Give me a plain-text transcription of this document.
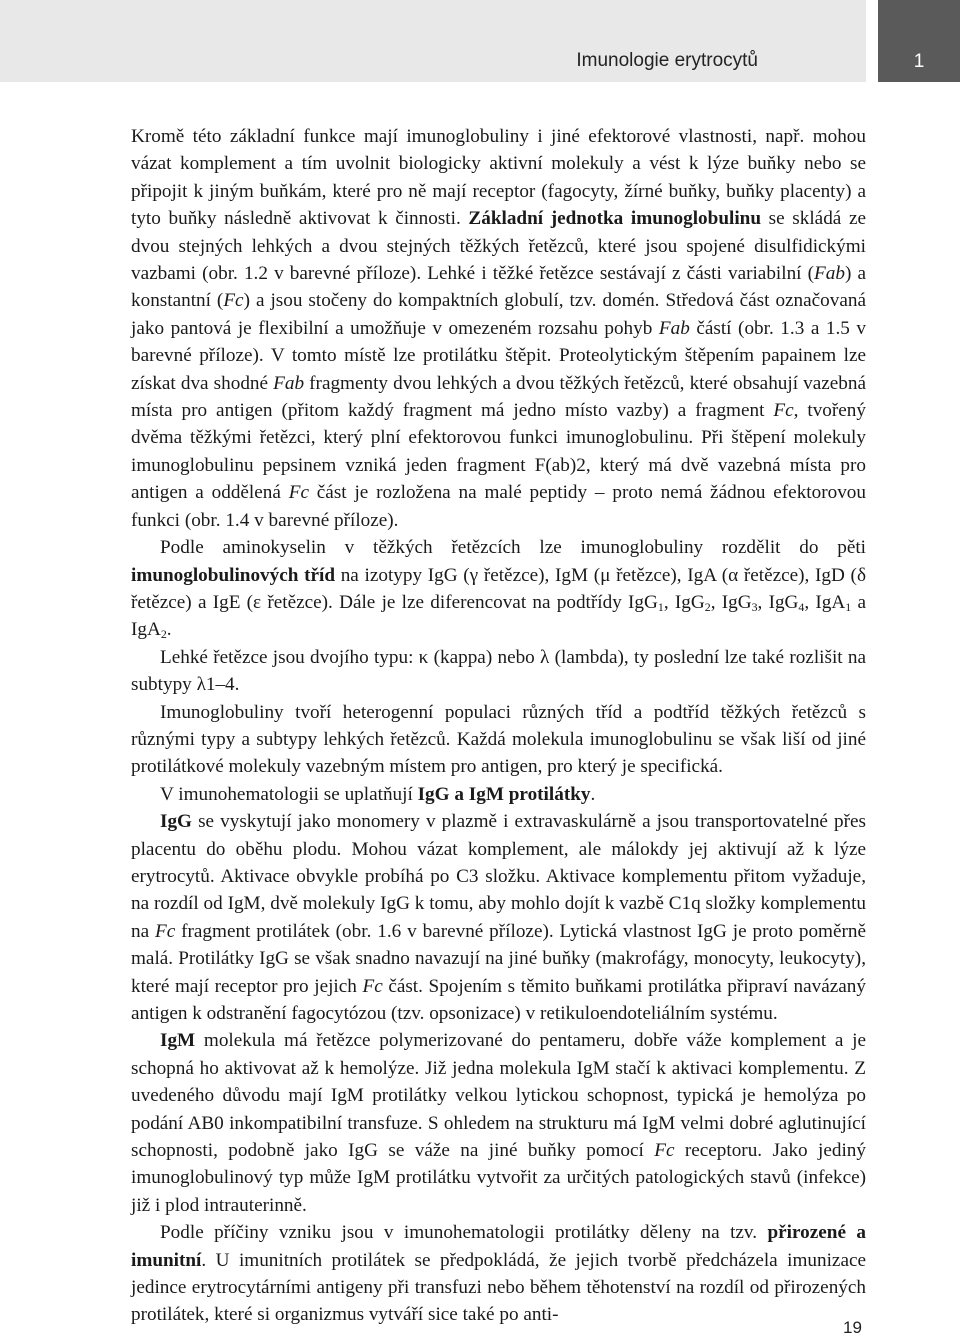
Imunologie erytrocytů	1

Kromě této základní funkce mají imunoglobuliny i jiné efektorové vlastnosti, např. mohou vázat komplement a tím uvolnit biologicky aktivní molekuly a vést k lýze buňky nebo se připojit k jiným buňkám, které pro ně mají receptor (fagocyty, žírné buňky, buňky placenty) a tyto buňky následně aktivovat k činnosti. Základní jednotka imunoglobulinu se skládá ze dvou stejných lehkých a dvou stejných těžkých řetězců, které jsou spojené disulfidickými vazbami (obr. 1.2 v barevné příloze). Lehké i těžké řetězce sestávají z části variabilní (Fab) a konstantní (Fc) a jsou stočeny do kompaktních globulí, tzv. domén. Středová část označovaná jako pantová je flexibilní a umožňuje v omezeném rozsahu pohyb Fab částí (obr. 1.3 a 1.5 v barevné příloze). V tomto místě lze protilátku štěpit. Proteolytickým štěpením papainem lze získat dva shodné Fab fragmenty dvou lehkých a dvou těžkých řetězců, které obsahují vazebná místa pro antigen (přitom každý fragment má jedno místo vazby) a fragment Fc, tvořený dvěma těžkými řetězci, který plní efektorovou funkci imunoglobulinu. Při štěpení molekuly imunoglobulinu pepsinem vzniká jeden fragment F(ab)2, který má dvě vazebná místa pro antigen a oddělená Fc část je rozložena na malé peptidy – proto nemá žádnou efektorovou funkci (obr. 1.4 v barevné příloze).

Podle aminokyselin v těžkých řetězcích lze imunoglobuliny rozdělit do pěti imunoglobulinových tříd na izotypy IgG (γ řetězce), IgM (μ řetězce), IgA (α řetězce), IgD (δ řetězce) a IgE (ε řetězce). Dále je lze diferencovat na podtřídy IgG$_1$, IgG$_2$, IgG$_3$, IgG$_4$, IgA$_1$ a IgA$_2$.

Lehké řetězce jsou dvojího typu: κ (kappa) nebo λ (lambda), ty poslední lze také rozlišit na subtypy λ1–4.

Imunoglobuliny tvoří heterogenní populaci různých tříd a podtříd těžkých řetězců s různými typy a subtypy lehkých řetězců. Každá molekula imunoglobulinu se však liší od jiné protilátkové molekuly vazebným místem pro antigen, pro který je specifická.

V imunohematologii se uplatňují IgG a IgM protilátky.

IgG se vyskytují jako monomery v plazmě i extravaskulárně a jsou transportovatelné přes placentu do oběhu plodu. Mohou vázat komplement, ale málokdy jej aktivují až k lýze erytrocytů. Aktivace obvykle probíhá po C3 složku. Aktivace komplementu přitom vyžaduje, na rozdíl od IgM, dvě molekuly IgG k tomu, aby mohlo dojít k vazbě C1q složky komplementu na Fc fragment protilátek (obr. 1.6 v barevné příloze). Lytická vlastnost IgG je proto poměrně malá. Protilátky IgG se však snadno navazují na jiné buňky (makrofágy, monocyty, leukocyty), které mají receptor pro jejich Fc část. Spojením s těmito buňkami protilátka připraví navázaný antigen k odstranění fagocytózou (tzv. opsonizace) v retikuloendoteliálním systému.

IgM molekula má řetězce polymerizované do pentameru, dobře váže komplement a je schopná ho aktivovat až k hemolýze. Již jedna molekula IgM stačí k aktivaci komplementu. Z uvedeného důvodu mají IgM protilátky velkou lytickou schopnost, typická je hemolýza po podání AB0 inkompatibilní transfuze. S ohledem na strukturu má IgM velmi dobré aglutinující schopnosti, podobně jako IgG se váže na jiné buňky pomocí Fc receptoru. Jako jediný imunoglobulinový typ může IgM protilátku vytvořit za určitých patologických stavů (infekce) již i plod intrauterinně.

Podle příčiny vzniku jsou v imunohematologii protilátky děleny na tzv. přirozené a imunitní. U imunitních protilátek se předpokládá, že jejich tvorbě předcházela imunizace jedince erytrocytárními antigeny při transfuzi nebo během těhotenství na rozdíl od přirozených protilátek, které si organizmus vytváří sice také po anti-

19
